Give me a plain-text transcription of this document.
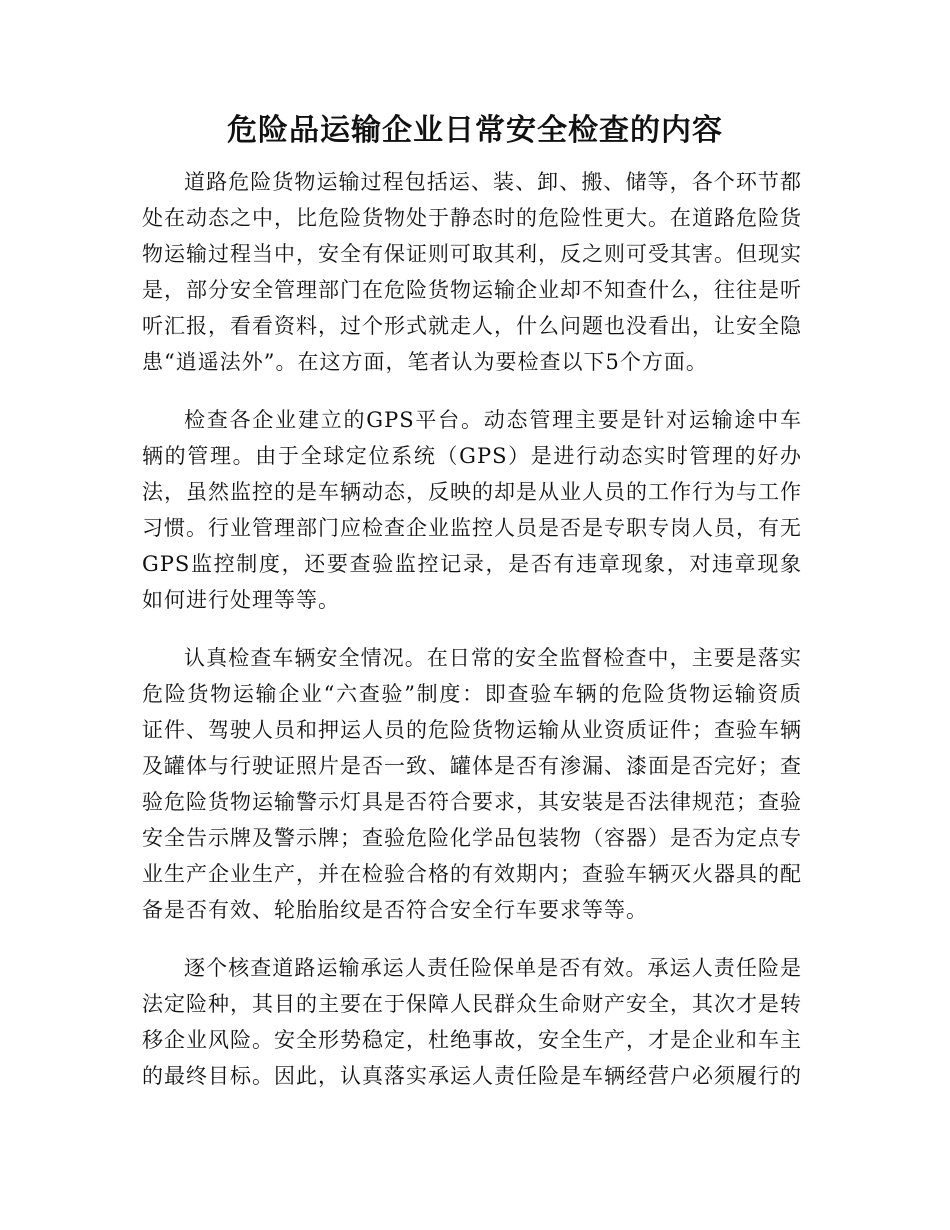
危险品运输企业日常安全检查的内容

道路危险货物运输过程包括运、装、卸、搬、储等，各个环节都处在动态之中，比危险货物处于静态时的危险性更大。在道路危险货物运输过程当中，安全有保证则可取其利，反之则可受其害。但现实是，部分安全管理部门在危险货物运输企业却不知查什么，往往是听听汇报，看看资料，过个形式就走人，什么问题也没看出，让安全隐患“逍遥法外”。在这方面，笔者认为要检查以下5个方面。

检查各企业建立的GPS平台。动态管理主要是针对运输途中车辆的管理。由于全球定位系统（GPS）是进行动态实时管理的好办法，虽然监控的是车辆动态，反映的却是从业人员的工作行为与工作习惯。行业管理部门应检查企业监控人员是否是专职专岗人员，有无GPS监控制度，还要查验监控记录，是否有违章现象，对违章现象如何进行处理等等。

认真检查车辆安全情况。在日常的安全监督检查中，主要是落实危险货物运输企业“六查验”制度：即查验车辆的危险货物运输资质证件、驾驶人员和押运人员的危险货物运输从业资质证件；查验车辆及罐体与行驶证照片是否一致、罐体是否有渗漏、漆面是否完好；查验危险货物运输警示灯具是否符合要求，其安装是否法律规范；查验安全告示牌及警示牌；查验危险化学品包装物（容器）是否为定点专业生产企业生产，并在检验合格的有效期内；查验车辆灭火器具的配备是否有效、轮胎胎纹是否符合安全行车要求等等。

逐个核查道路运输承运人责任险保单是否有效。承运人责任险是法定险种，其目的主要在于保障人民群众生命财产安全，其次才是转移企业风险。安全形势稳定，杜绝事故，安全生产，才是企业和车主的最终目标。因此，认真落实承运人责任险是车辆经营户必须履行的
